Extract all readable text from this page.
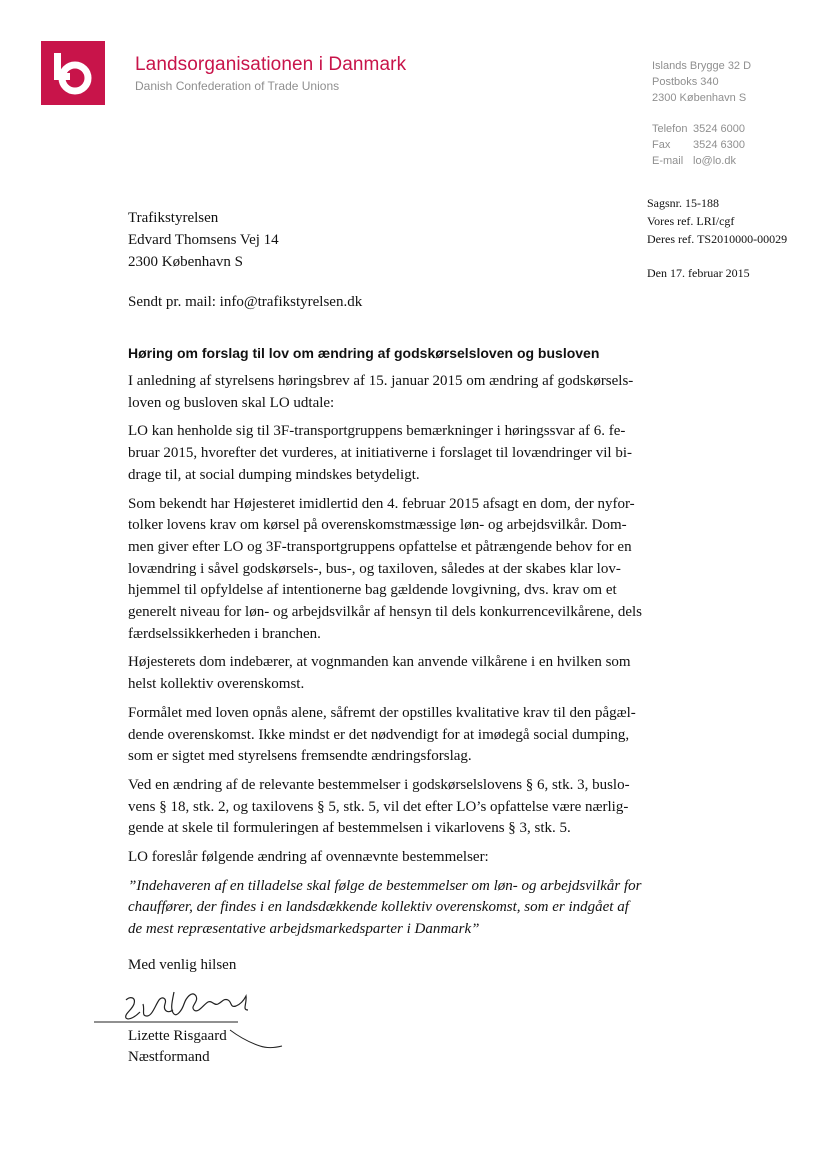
Landsorganisationen i Danmark
Danish Confederation of Trade Unions
Islands Brygge 32 D
Postboks 340
2300 København S
Telefon 3524 6000
Fax 3524 6300
E-mail lo@lo.dk
Sagsnr. 15-188
Vores ref. LRI/cgf
Deres ref. TS2010000-00029
Den 17. februar 2015
Trafikstyrelsen
Edvard Thomsens Vej 14
2300 København S
Sendt pr. mail: info@trafikstyrelsen.dk
Høring om forslag til lov om ændring af godskørselsloven og busloven

I anledning af styrelsens høringsbrev af 15. januar 2015 om ændring af godskørsels-
loven og busloven skal LO udtale:

LO kan henholde sig til 3F-transportgruppens bemærkninger i høringssvar af 6. fe-
bruar 2015, hvorefter det vurderes, at initiativerne i forslaget til lovændringer vil bi-
drage til, at social dumping mindskes betydeligt.

Som bekendt har Højesteret imidlertid den 4. februar 2015 afsagt en dom, der nyfor-
tolker lovens krav om kørsel på overenskomstmæssige løn- og arbejdsvilkår. Dom-
men giver efter LO og 3F-transportgruppens opfattelse et påtrængende behov for en
lovændring i såvel godskørsels-, bus-, og taxiloven, således at der skabes klar lov-
hjemmel til opfyldelse af intentionerne bag gældende lovgivning, dvs. krav om et
generelt niveau for løn- og arbejdsvilkår af hensyn til dels konkurrencevilkårene, dels
færdselssikkerheden i branchen.

Højesterets dom indebærer, at vognmanden kan anvende vilkårene i en hvilken som
helst kollektiv overenskomst.

Formålet med loven opnås alene, såfremt der opstilles kvalitative krav til den pågæl-
dende overenskomst. Ikke mindst er det nødvendigt for at imødegå social dumping,
som er sigtet med styrelsens fremsendte ændringsforslag.

Ved en ændring af de relevante bestemmelser i godskørselslovens § 6, stk. 3, buslo-
vens § 18, stk. 2, og taxilovens § 5, stk. 5, vil det efter LO’s opfattelse være nærlig-
gende at skele til formuleringen af bestemmelsen i vikarlovens § 3, stk. 5.

LO foreslår følgende ændring af ovennævnte bestemmelser:

”Indehaveren af en tilladelse skal følge de bestemmelser om løn- og arbejdsvilkår for
chauffører, der findes i en landsdækkende kollektiv overenskomst, som er indgået af
de mest repræsentative arbejdsmarkedsparter i Danmark”

Med venlig hilsen
Lizette Risgaard
Næstformand
